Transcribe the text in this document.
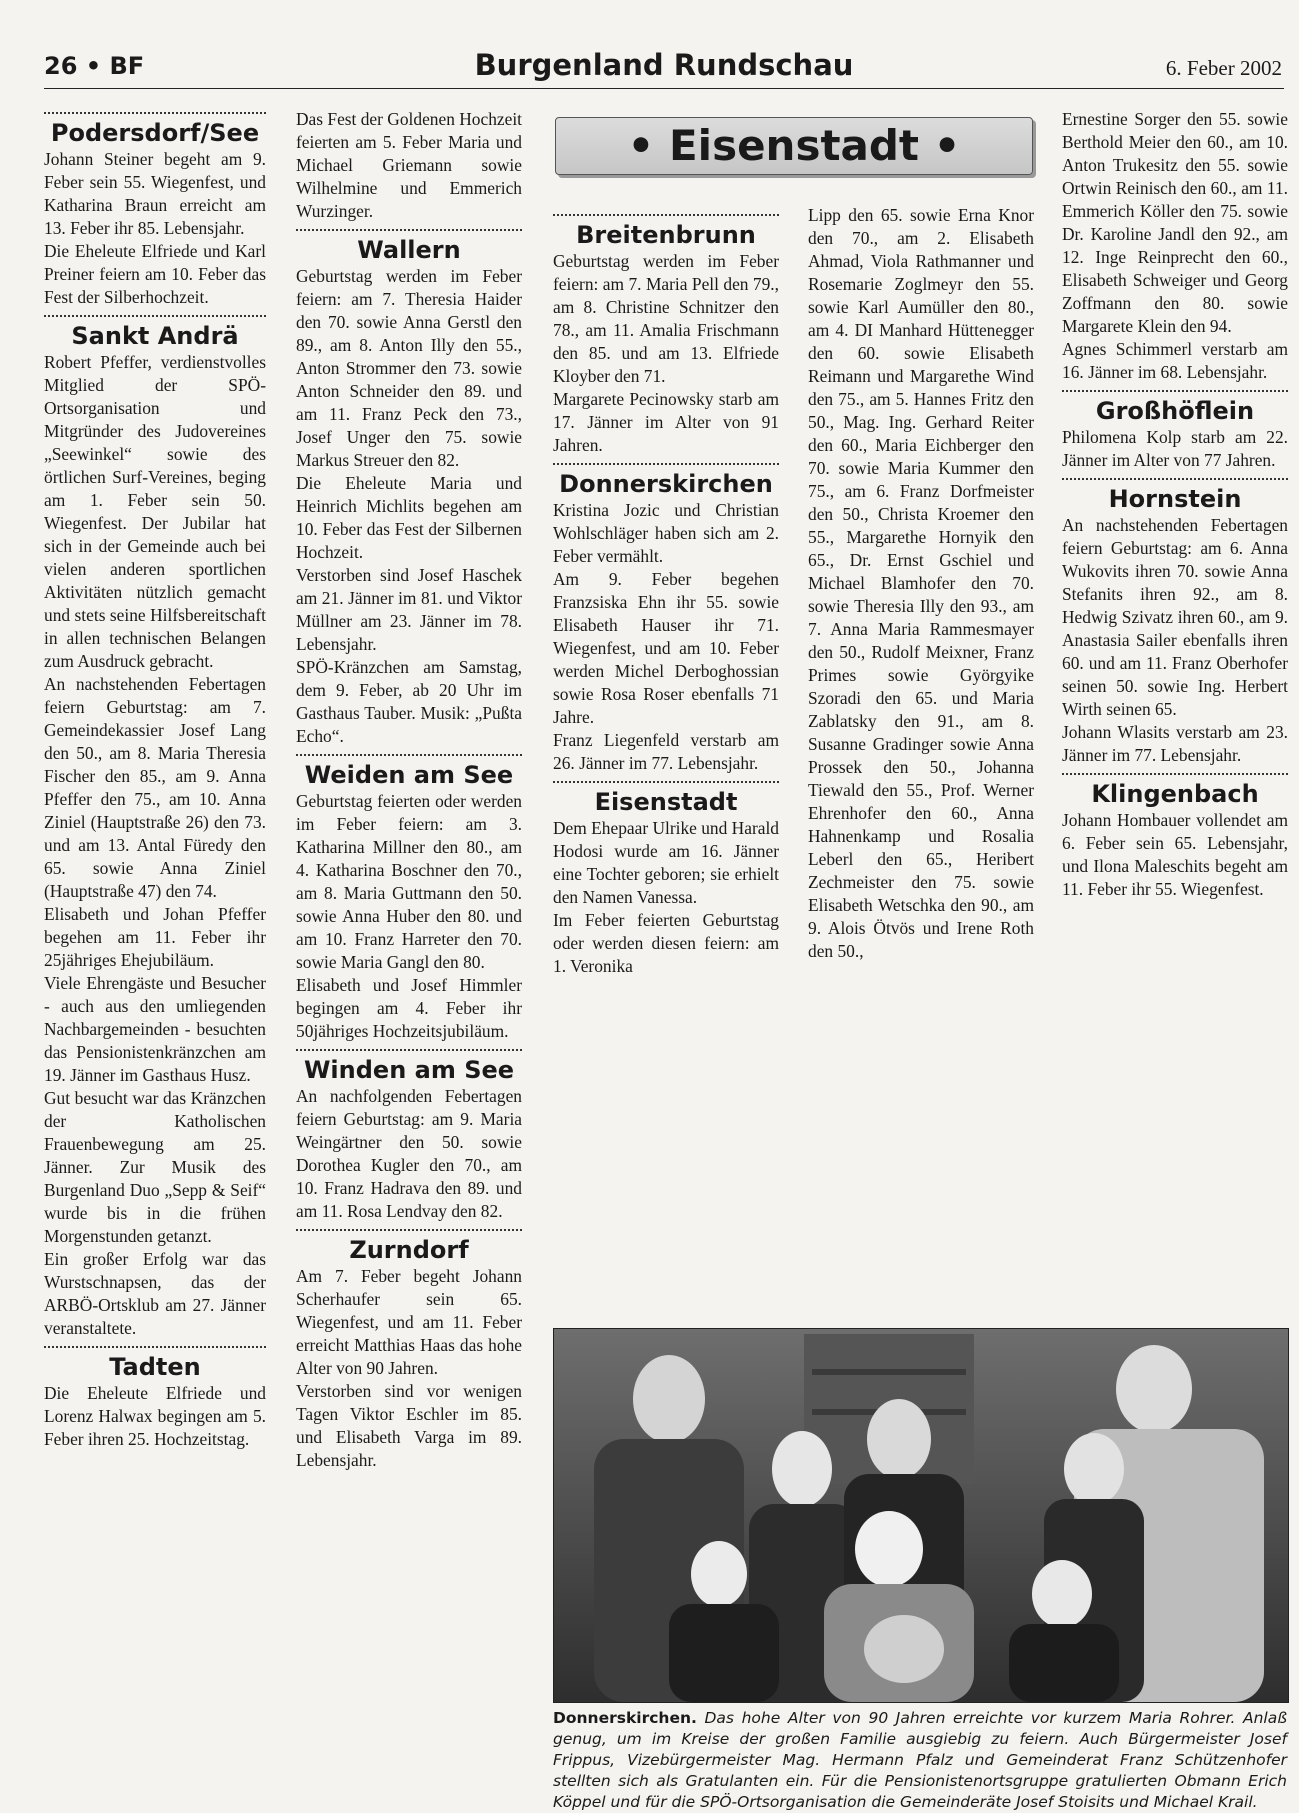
26 • BF	Burgenland Rundschau	6. Feber 2002
Podersdorf/See

Johann Steiner begeht am 9. Feber sein 55. Wiegenfest, und Katharina Braun erreicht am 13. Feber ihr 85. Lebensjahr.

Die Eheleute Elfriede und Karl Preiner feiern am 10. Feber das Fest der Silberhochzeit.

Sankt Andrä

Robert Pfeffer, verdienstvolles Mitglied der SPÖ-Ortsorganisation und Mitgründer des Judovereines „Seewinkel“ sowie des örtlichen Surf-Vereines, beging am 1. Feber sein 50. Wiegenfest. Der Jubilar hat sich in der Gemeinde auch bei vielen anderen sportlichen Aktivitäten nützlich gemacht und stets seine Hilfsbereitschaft in allen technischen Belangen zum Ausdruck gebracht.

An nachstehenden Febertagen feiern Geburtstag: am 7. Gemeindekassier Josef Lang den 50., am 8. Maria Theresia Fischer den 85., am 9. Anna Pfeffer den 75., am 10. Anna Ziniel (Hauptstraße 26) den 73. und am 13. Antal Füredy den 65. sowie Anna Ziniel (Hauptstraße 47) den 74.

Elisabeth und Johan Pfeffer begehen am 11. Feber ihr 25jähriges Ehejubiläum.

Viele Ehrengäste und Besucher - auch aus den umliegenden Nachbargemeinden - besuchten das Pensionistenkränzchen am 19. Jänner im Gasthaus Husz.

Gut besucht war das Kränzchen der Katholischen Frauenbewegung am 25. Jänner. Zur Musik des Burgenland Duo „Sepp & Seif“ wurde bis in die frühen Morgenstunden getanzt.

Ein großer Erfolg war das Wurstschnapsen, das der ARBÖ-Ortsklub am 27. Jänner veranstaltete.

Tadten

Die Eheleute Elfriede und Lorenz Halwax begingen am 5. Feber ihren 25. Hochzeitstag.

Das Fest der Goldenen Hochzeit feierten am 5. Feber Maria und Michael Griemann sowie Wilhelmine und Emmerich Wurzinger.

Wallern

Geburtstag werden im Feber feiern: am 7. Theresia Haider den 70. sowie Anna Gerstl den 89., am 8. Anton Illy den 55., Anton Strommer den 73. sowie Anton Schneider den 89. und am 11. Franz Peck den 73., Josef Unger den 75. sowie Markus Streuer den 82.

Die Eheleute Maria und Heinrich Michlits begehen am 10. Feber das Fest der Silbernen Hochzeit.

Verstorben sind Josef Haschek am 21. Jänner im 81. und Viktor Müllner am 23. Jänner im 78. Lebensjahr.

SPÖ-Kränzchen am Samstag, dem 9. Feber, ab 20 Uhr im Gasthaus Tauber. Musik: „Pußta Echo“.

Weiden am See

Geburtstag feierten oder werden im Feber feiern: am 3. Katharina Millner den 80., am 4. Katharina Boschner den 70., am 8. Maria Guttmann den 50. sowie Anna Huber den 80. und am 10. Franz Harreter den 70. sowie Maria Gangl den 80.

Elisabeth und Josef Himmler begingen am 4. Feber ihr 50jähriges Hochzeitsjubiläum.

Winden am See

An nachfolgenden Febertagen feiern Geburtstag: am 9. Maria Weingärtner den 50. sowie Dorothea Kugler den 70., am 10. Franz Hadrava den 89. und am 11. Rosa Lendvay den 82.

Zurndorf

Am 7. Feber begeht Johann Scherhaufer sein 65. Wiegenfest, und am 11. Feber erreicht Matthias Haas das hohe Alter von 90 Jahren.

Verstorben sind vor wenigen Tagen Viktor Eschler im 85. und Elisabeth Varga im 89. Lebensjahr.

• Eisenstadt •
Breitenbrunn

Geburtstag werden im Feber feiern: am 7. Maria Pell den 79., am 8. Christine Schnitzer den 78., am 11. Amalia Frischmann den 85. und am 13. Elfriede Kloyber den 71.

Margarete Pecinowsky starb am 17. Jänner im Alter von 91 Jahren.

Donnerskirchen

Kristina Jozic und Christian Wohlschläger haben sich am 2. Feber vermählt.

Am 9. Feber begehen Franzsiska Ehn ihr 55. sowie Elisabeth Hauser ihr 71. Wiegenfest, und am 10. Feber werden Michel Derboghossian sowie Rosa Roser ebenfalls 71 Jahre.

Franz Liegenfeld verstarb am 26. Jänner im 77. Lebensjahr.

Eisenstadt

Dem Ehepaar Ulrike und Harald Hodosi wurde am 16. Jänner eine Tochter geboren; sie erhielt den Namen Vanessa.

Im Feber feierten Geburtstag oder werden diesen feiern: am 1. Veronika

Lipp den 65. sowie Erna Knor den 70., am 2. Elisabeth Ahmad, Viola Rathmanner und Rosemarie Zoglmeyr den 55. sowie Karl Aumüller den 80., am 4. DI Manhard Hüttenegger den 60. sowie Elisabeth Reimann und Margarethe Wind den 75., am 5. Hannes Fritz den 50., Mag. Ing. Gerhard Reiter den 60., Maria Eichberger den 70. sowie Maria Kummer den 75., am 6. Franz Dorfmeister den 50., Christa Kroemer den 55., Margarethe Hornyik den 65., Dr. Ernst Gschiel und Michael Blamhofer den 70. sowie Theresia Illy den 93., am 7. Anna Maria Rammesmayer den 50., Rudolf Meixner, Franz Primes sowie Györgyike Szoradi den 65. und Maria Zablatsky den 91., am 8. Susanne Gradinger sowie Anna Prossek den 50., Johanna Tiewald den 55., Prof. Werner Ehrenhofer den 60., Anna Hahnenkamp und Rosalia Leberl den 65., Heribert Zechmeister den 75. sowie Elisabeth Wetschka den 90., am 9. Alois Ötvös und Irene Roth den 50.,

Ernestine Sorger den 55. sowie Berthold Meier den 60., am 10. Anton Trukesitz den 55. sowie Ortwin Reinisch den 60., am 11. Emmerich Köller den 75. sowie Dr. Karoline Jandl den 92., am 12. Inge Reinprecht den 60., Elisabeth Schweiger und Georg Zoffmann den 80. sowie Margarete Klein den 94.

Agnes Schimmerl verstarb am 16. Jänner im 68. Lebensjahr.

Großhöflein

Philomena Kolp starb am 22. Jänner im Alter von 77 Jahren.

Hornstein

An nachstehenden Febertagen feiern Geburtstag: am 6. Anna Wukovits ihren 70. sowie Anna Stefanits ihren 92., am 8. Hedwig Szivatz ihren 60., am 9. Anastasia Sailer ebenfalls ihren 60. und am 11. Franz Oberhofer seinen 50. sowie Ing. Herbert Wirth seinen 65.

Johann Wlasits verstarb am 23. Jänner im 77. Lebensjahr.

Klingenbach

Johann Hombauer vollendet am 6. Feber sein 65. Lebensjahr, und Ilona Maleschits begeht am 11. Feber ihr 55. Wiegenfest.

Donnerskirchen. Das hohe Alter von 90 Jahren erreichte vor kurzem Maria Rohrer. Anlaß genug, um im Kreise der großen Familie ausgiebig zu feiern. Auch Bürgermeister Josef Frippus, Vizebürgermeister Mag. Hermann Pfalz und Gemeinderat Franz Schützenhofer stellten sich als Gratulanten ein. Für die Pensionistenortsgruppe gratulierten Obmann Erich Köppel und für die SPÖ-Ortsorganisation die Gemeinderäte Josef Stoisits und Michael Krail.
